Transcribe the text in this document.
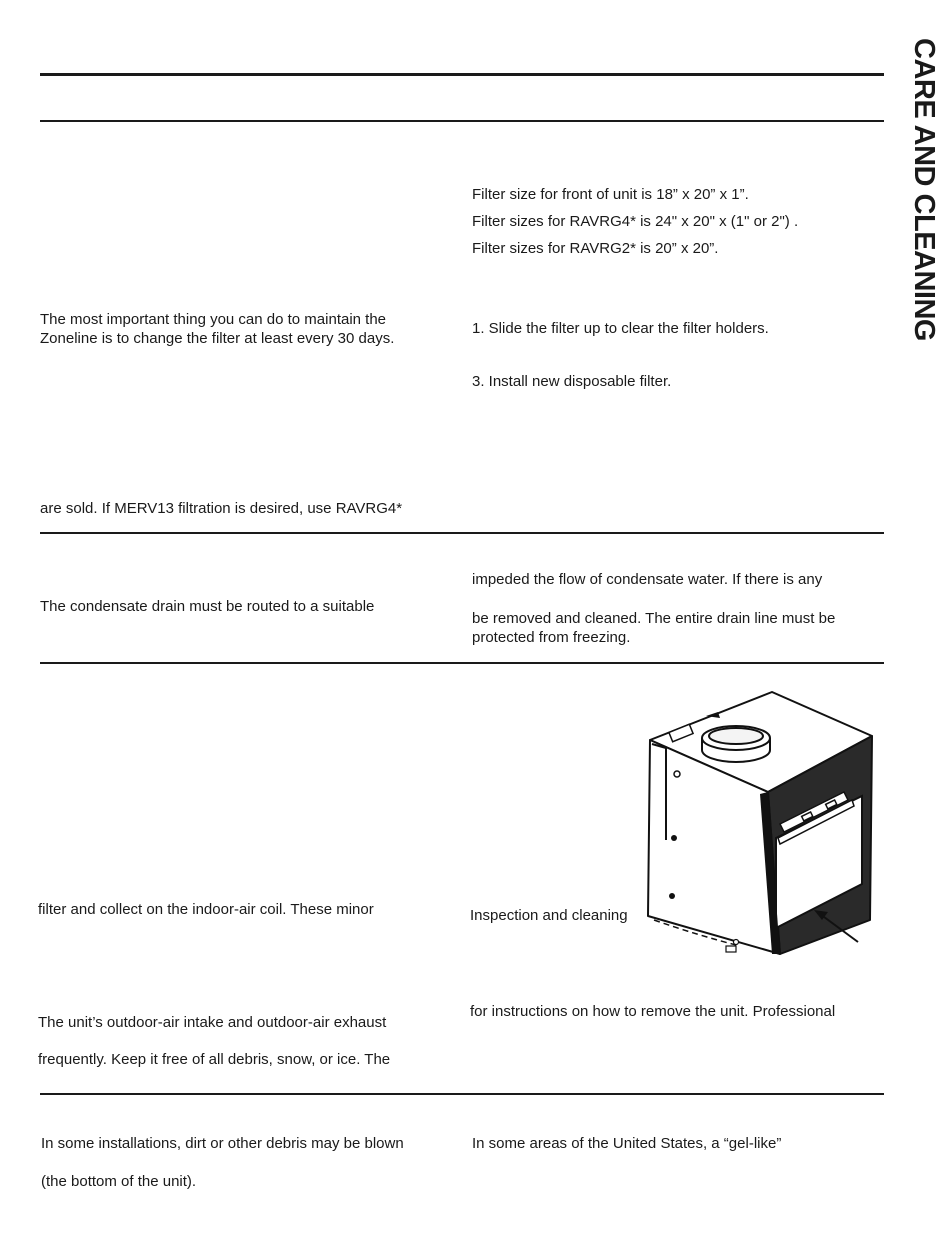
CARE AND CLEANING

The most important thing you can do to maintain the
Zoneline is to change the filter at least every 30 days.

are sold. If MERV13 filtration is desired, use RAVRG4*

Filter size for front of unit is 18” x 20” x 1”.

Filter sizes for RAVRG4* is 24" x 20" x (1" or 2") .

Filter sizes for RAVRG2* is 20” x 20”.

1. Slide the filter up to clear the filter holders.

3. Install new disposable filter.

The condensate drain must be routed to a suitable

impeded the flow of condensate water. If there is any

be removed and cleaned. The entire drain line must be
protected from freezing.

filter and collect on the indoor-air coil. These minor

The unit’s outdoor-air intake and outdoor-air exhaust

frequently. Keep it free of all debris, snow, or ice. The

Inspection and cleaning

for instructions on how to remove the unit. Professional

In some installations, dirt or other debris may be blown

(the bottom of the unit).

In some areas of the United States, a “gel-like”
